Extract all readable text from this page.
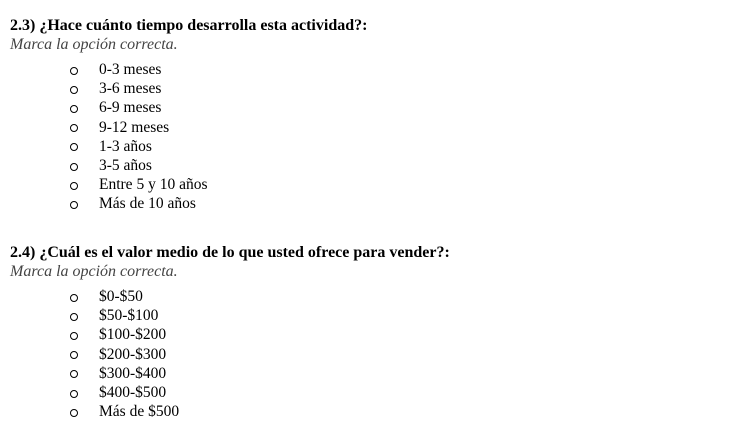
2.3) ¿Hace cuánto tiempo desarrolla esta actividad?:

Marca la opción correcta.

0-3 meses
3-6 meses
6-9 meses
9-12 meses
1-3 años
3-5 años
Entre 5 y 10 años
Más de 10 años

2.4) ¿Cuál es el valor medio de lo que usted ofrece para vender?:

Marca la opción correcta.

$0-$50
$50-$100
$100-$200
$200-$300
$300-$400
$400-$500
Más de $500
